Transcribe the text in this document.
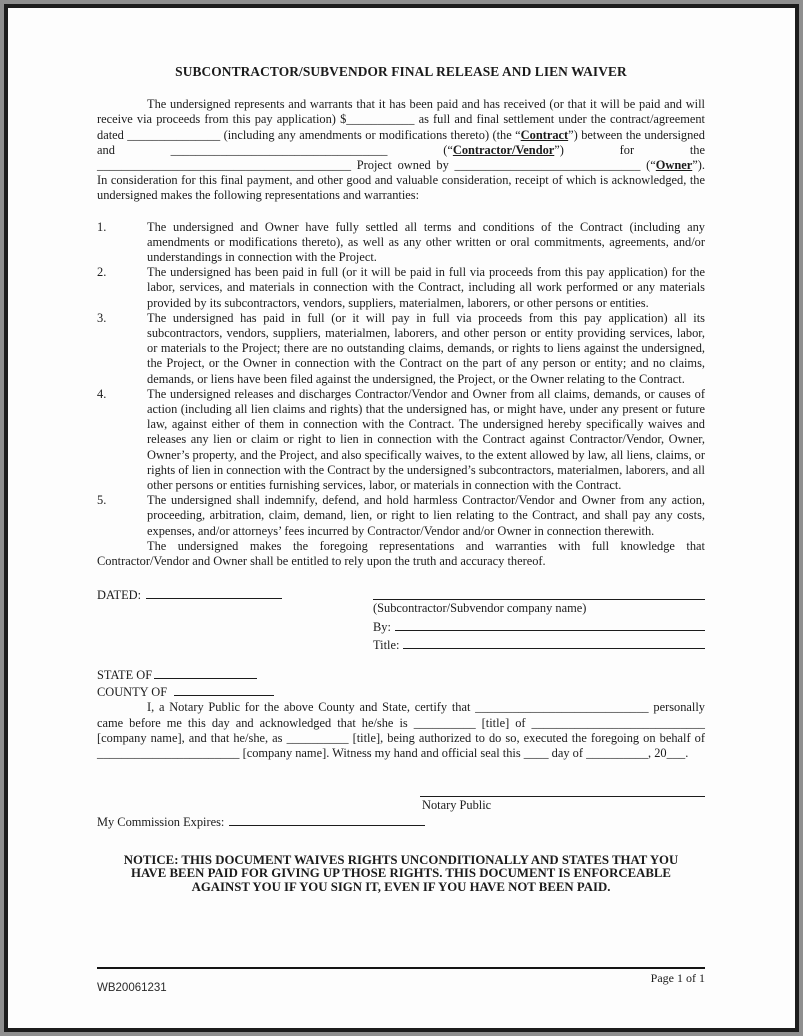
SUBCONTRACTOR/SUBVENDOR FINAL RELEASE AND LIEN WAIVER

The undersigned represents and warrants that it has been paid and has received (or that it will be paid and will receive via proceeds from this pay application) $___________ as full and final settlement under the contract/agreement dated _______________ (including any amendments or modifications thereto) (the “Contract”) between the undersigned and ___________________________________ (“Contractor/Vendor”) for the _________________________________________ Project owned by ______________________________ (“Owner”). In consideration for this final payment, and other good and valuable consideration, receipt of which is acknowledged, the undersigned makes the following representations and warranties:

1.	The undersigned and Owner have fully settled all terms and conditions of the Contract (including any amendments or modifications thereto), as well as any other written or oral commitments, agreements, and/or understandings in connection with the Project.
2.	The undersigned has been paid in full (or it will be paid in full via proceeds from this pay application) for the labor, services, and materials in connection with the Contract, including all work performed or any materials provided by its subcontractors, vendors, suppliers, materialmen, laborers, or other persons or entities.
3.	The undersigned has paid in full (or it will pay in full via proceeds from this pay application) all its subcontractors, vendors, suppliers, materialmen, laborers, and other person or entity providing services, labor, or materials to the Project; there are no outstanding claims, demands, or rights to liens against the undersigned, the Project, or the Owner in connection with the Contract on the part of any person or entity; and no claims, demands, or liens have been filed against the undersigned, the Project, or the Owner relating to the Contract.
4.	The undersigned releases and discharges Contractor/Vendor and Owner from all claims, demands, or causes of action (including all lien claims and rights) that the undersigned has, or might have, under any present or future law, against either of them in connection with the Contract. The undersigned hereby specifically waives and releases any lien or claim or right to lien in connection with the Contract against Contractor/Vendor, Owner, Owner’s property, and the Project, and also specifically waives, to the extent allowed by law, all liens, claims, or rights of lien in connection with the Contract by the undersigned’s subcontractors, materialmen, laborers, and all other persons or entities furnishing services, labor, or materials in connection with the Contract.
5.	The undersigned shall indemnify, defend, and hold harmless Contractor/Vendor and Owner from any action, proceeding, arbitration, claim, demand, lien, or right to lien relating to the Contract, and shall pay any costs, expenses, and/or attorneys’ fees incurred by Contractor/Vendor and/or Owner in connection therewith.

The undersigned makes the foregoing representations and warranties with full knowledge that Contractor/Vendor and Owner shall be entitled to rely upon the truth and accuracy thereof.

DATED:
(Subcontractor/Subvendor company name)
By:
Title:
STATE OF
COUNTY OF

I, a Notary Public for the above County and State, certify that ____________________________ personally came before me this day and acknowledged that he/she is __________ [title] of ____________________________ [company name], and that he/she, as __________ [title], being authorized to do so, executed the foregoing on behalf of _______________________ [company name]. Witness my hand and official seal this ____ day of __________, 20___.

Notary Public
My Commission Expires:
NOTICE: THIS DOCUMENT WAIVES RIGHTS UNCONDITIONALLY AND STATES THAT YOU HAVE BEEN PAID FOR GIVING UP THOSE RIGHTS. THIS DOCUMENT IS ENFORCEABLE AGAINST YOU IF YOU SIGN IT, EVEN IF YOU HAVE NOT BEEN PAID.
WB20061231
Page 1 of 1
